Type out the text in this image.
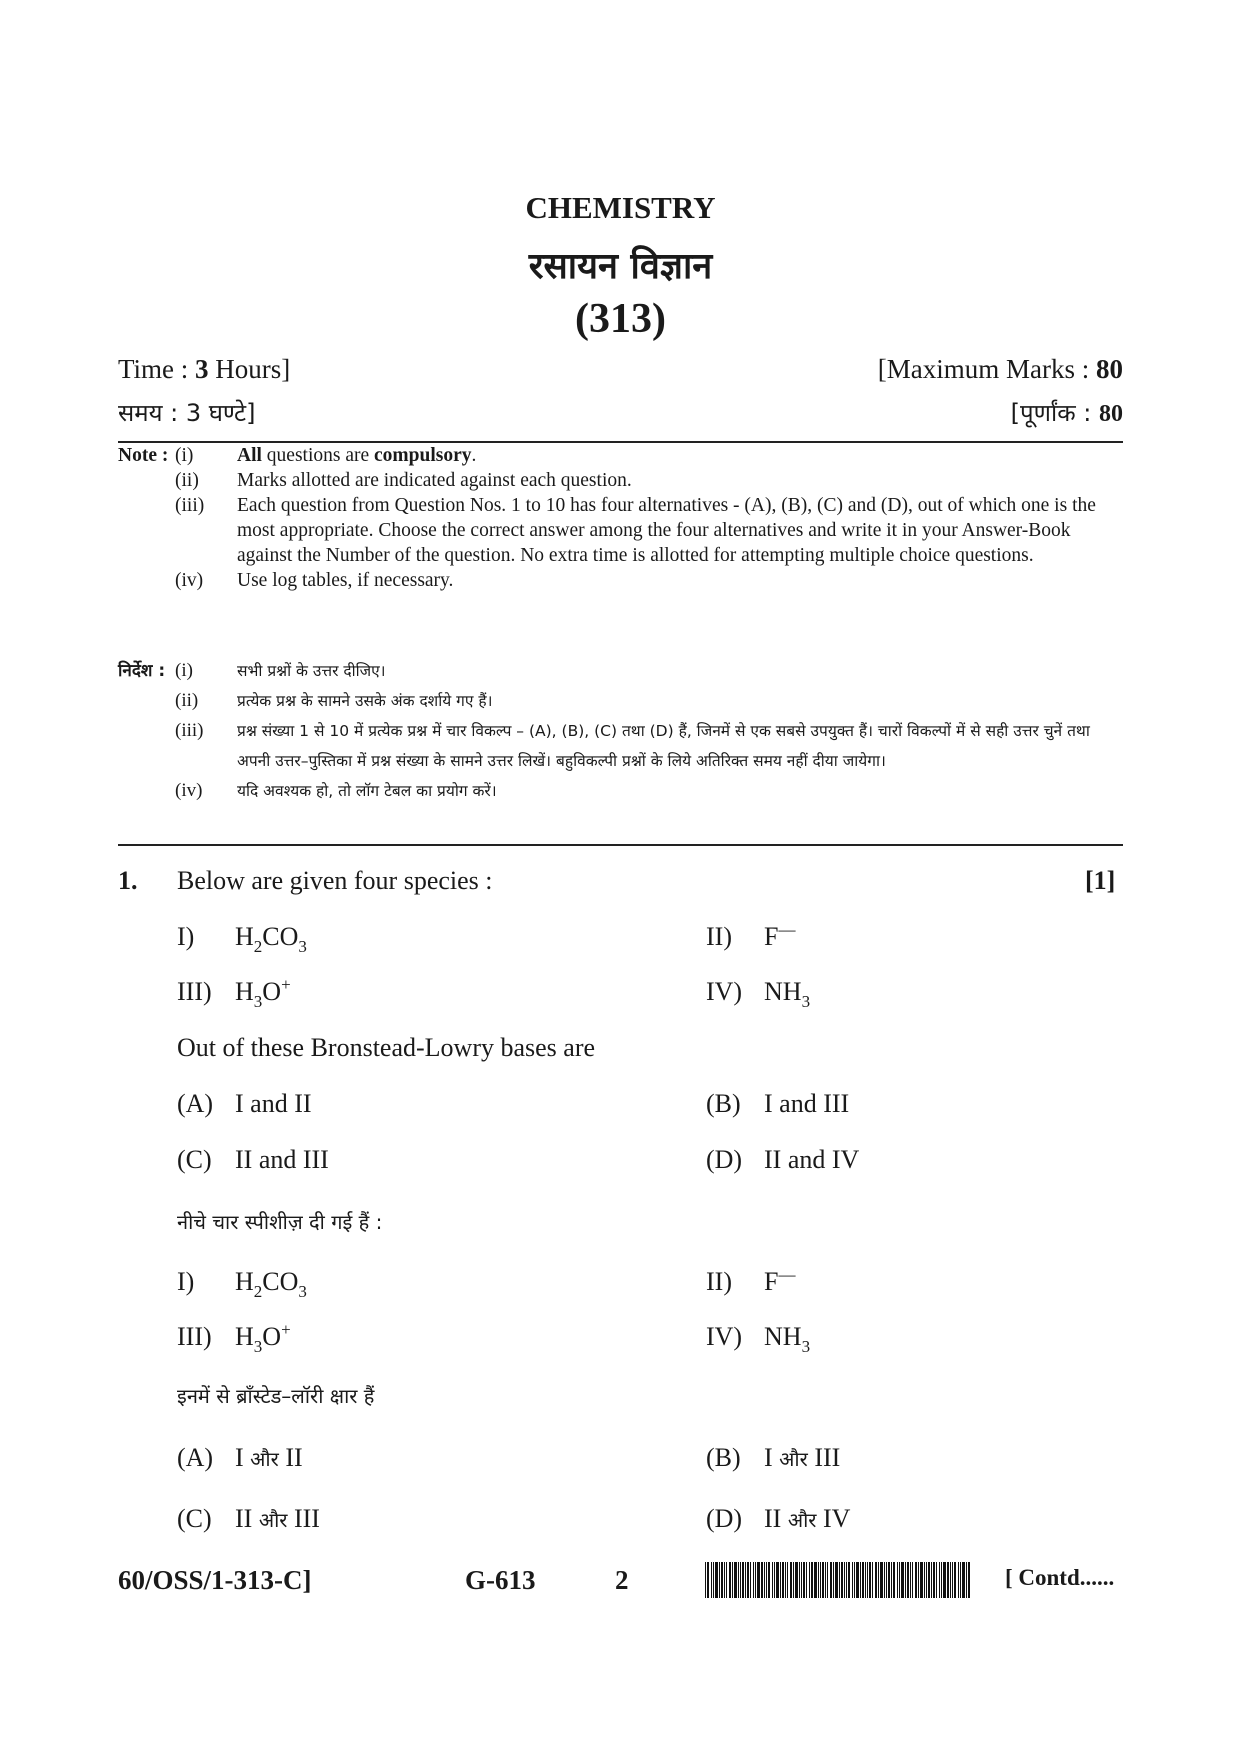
CHEMISTRY
रसायन विज्ञान
(313)
Time : 3 Hours]	[Maximum Marks : 80
समय : 3 घण्टे]	[पूर्णांक : 80
Note : (i)	All questions are compulsory.
(ii)	Marks allotted are indicated against each question.
(iii)	Each question from Question Nos. 1 to 10 has four alternatives - (A), (B), (C) and (D), out of which one is the most appropriate. Choose the correct answer among the four alternatives and write it in your Answer-Book against the Number of the question. No extra time is allotted for attempting multiple choice questions.
(iv)	Use log tables, if necessary.
निर्देश : (i)	सभी प्रश्नों के उत्तर दीजिए।
(ii)	प्रत्येक प्रश्न के सामने उसके अंक दर्शाये गए हैं।
(iii)	प्रश्न संख्या 1 से 10 में प्रत्येक प्रश्न में चार विकल्प – (A), (B), (C) तथा (D) हैं, जिनमें से एक सबसे उपयुक्त हैं। चारों विकल्पों में से सही उत्तर चुनें तथा अपनी उत्तर–पुस्तिका में प्रश्न संख्या के सामने उत्तर लिखें। बहुविकल्पी प्रश्नों के लिये अतिरिक्त समय नहीं दीया जायेगा।
(iv)	यदि अवश्यक हो, तो लॉग टेबल का प्रयोग करें।
1. Below are given four species :	[1]
I) $H_2CO_3$	II) F—
III) $H_3O^+$	IV) $NH_3$
Out of these Bronstead-Lowry bases are
(A) I and II	(B) I and III
(C) II and III	(D) II and IV
नीचे चार स्पीशीज़ दी गई हैं :
I) $H_2CO_3$	II) F—
III) $H_3O^+$	IV) $NH_3$
इनमें से ब्राँस्टेड–लॉरी क्षार हैं
(A) I और II	(B) I और III
(C) II और III	(D) II और IV
60/OSS/1-313-C]	G-613	2	[ Contd......
